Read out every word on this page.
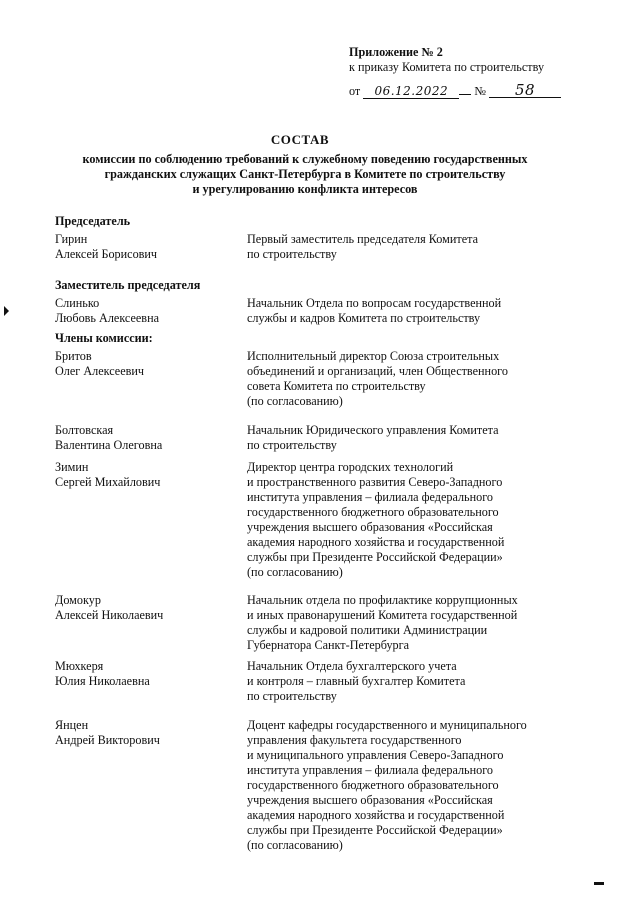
Приложение № 2
к приказу Комитета по строительству
от 06.12.2022 № 58
СОСТАВ
комиссии по соблюдению требований к служебному поведению государственных
гражданских служащих Санкт-Петербурга в Комитете по строительству
и урегулированию конфликта интересов
Председатель
Гирин
Алексей Борисович
Первый заместитель председателя Комитета
по строительству
Заместитель председателя
Слинько
Любовь Алексеевна
Начальник Отдела по вопросам государственной
службы и кадров Комитета по строительству
Члены комиссии:
Бритов
Олег Алексеевич
Исполнительный директор Союза строительных
объединений и организаций, член Общественного
совета Комитета по строительству
(по согласованию)
Болтовская
Валентина Олеговна
Начальник Юридического управления Комитета
по строительству
Зимин
Сергей Михайлович
Директор центра городских технологий
и пространственного развития Северо-Западного
института управления – филиала федерального
государственного бюджетного образовательного
учреждения высшего образования «Российская
академия народного хозяйства и государственной
службы при Президенте Российской Федерации»
(по согласованию)
Домокур
Алексей Николаевич
Начальник отдела по профилактике коррупционных
и иных правонарушений Комитета государственной
службы и кадровой политики Администрации
Губернатора Санкт-Петербурга
Мюхкеря
Юлия Николаевна
Начальник Отдела бухгалтерского учета
и контроля – главный бухгалтер Комитета
по строительству
Янцен
Андрей Викторович
Доцент кафедры государственного и муниципального
управления факультета государственного
и муниципального управления Северо-Западного
института управления – филиала федерального
государственного бюджетного образовательного
учреждения высшего образования «Российская
академия народного хозяйства и государственной
службы при Президенте Российской Федерации»
(по согласованию)
